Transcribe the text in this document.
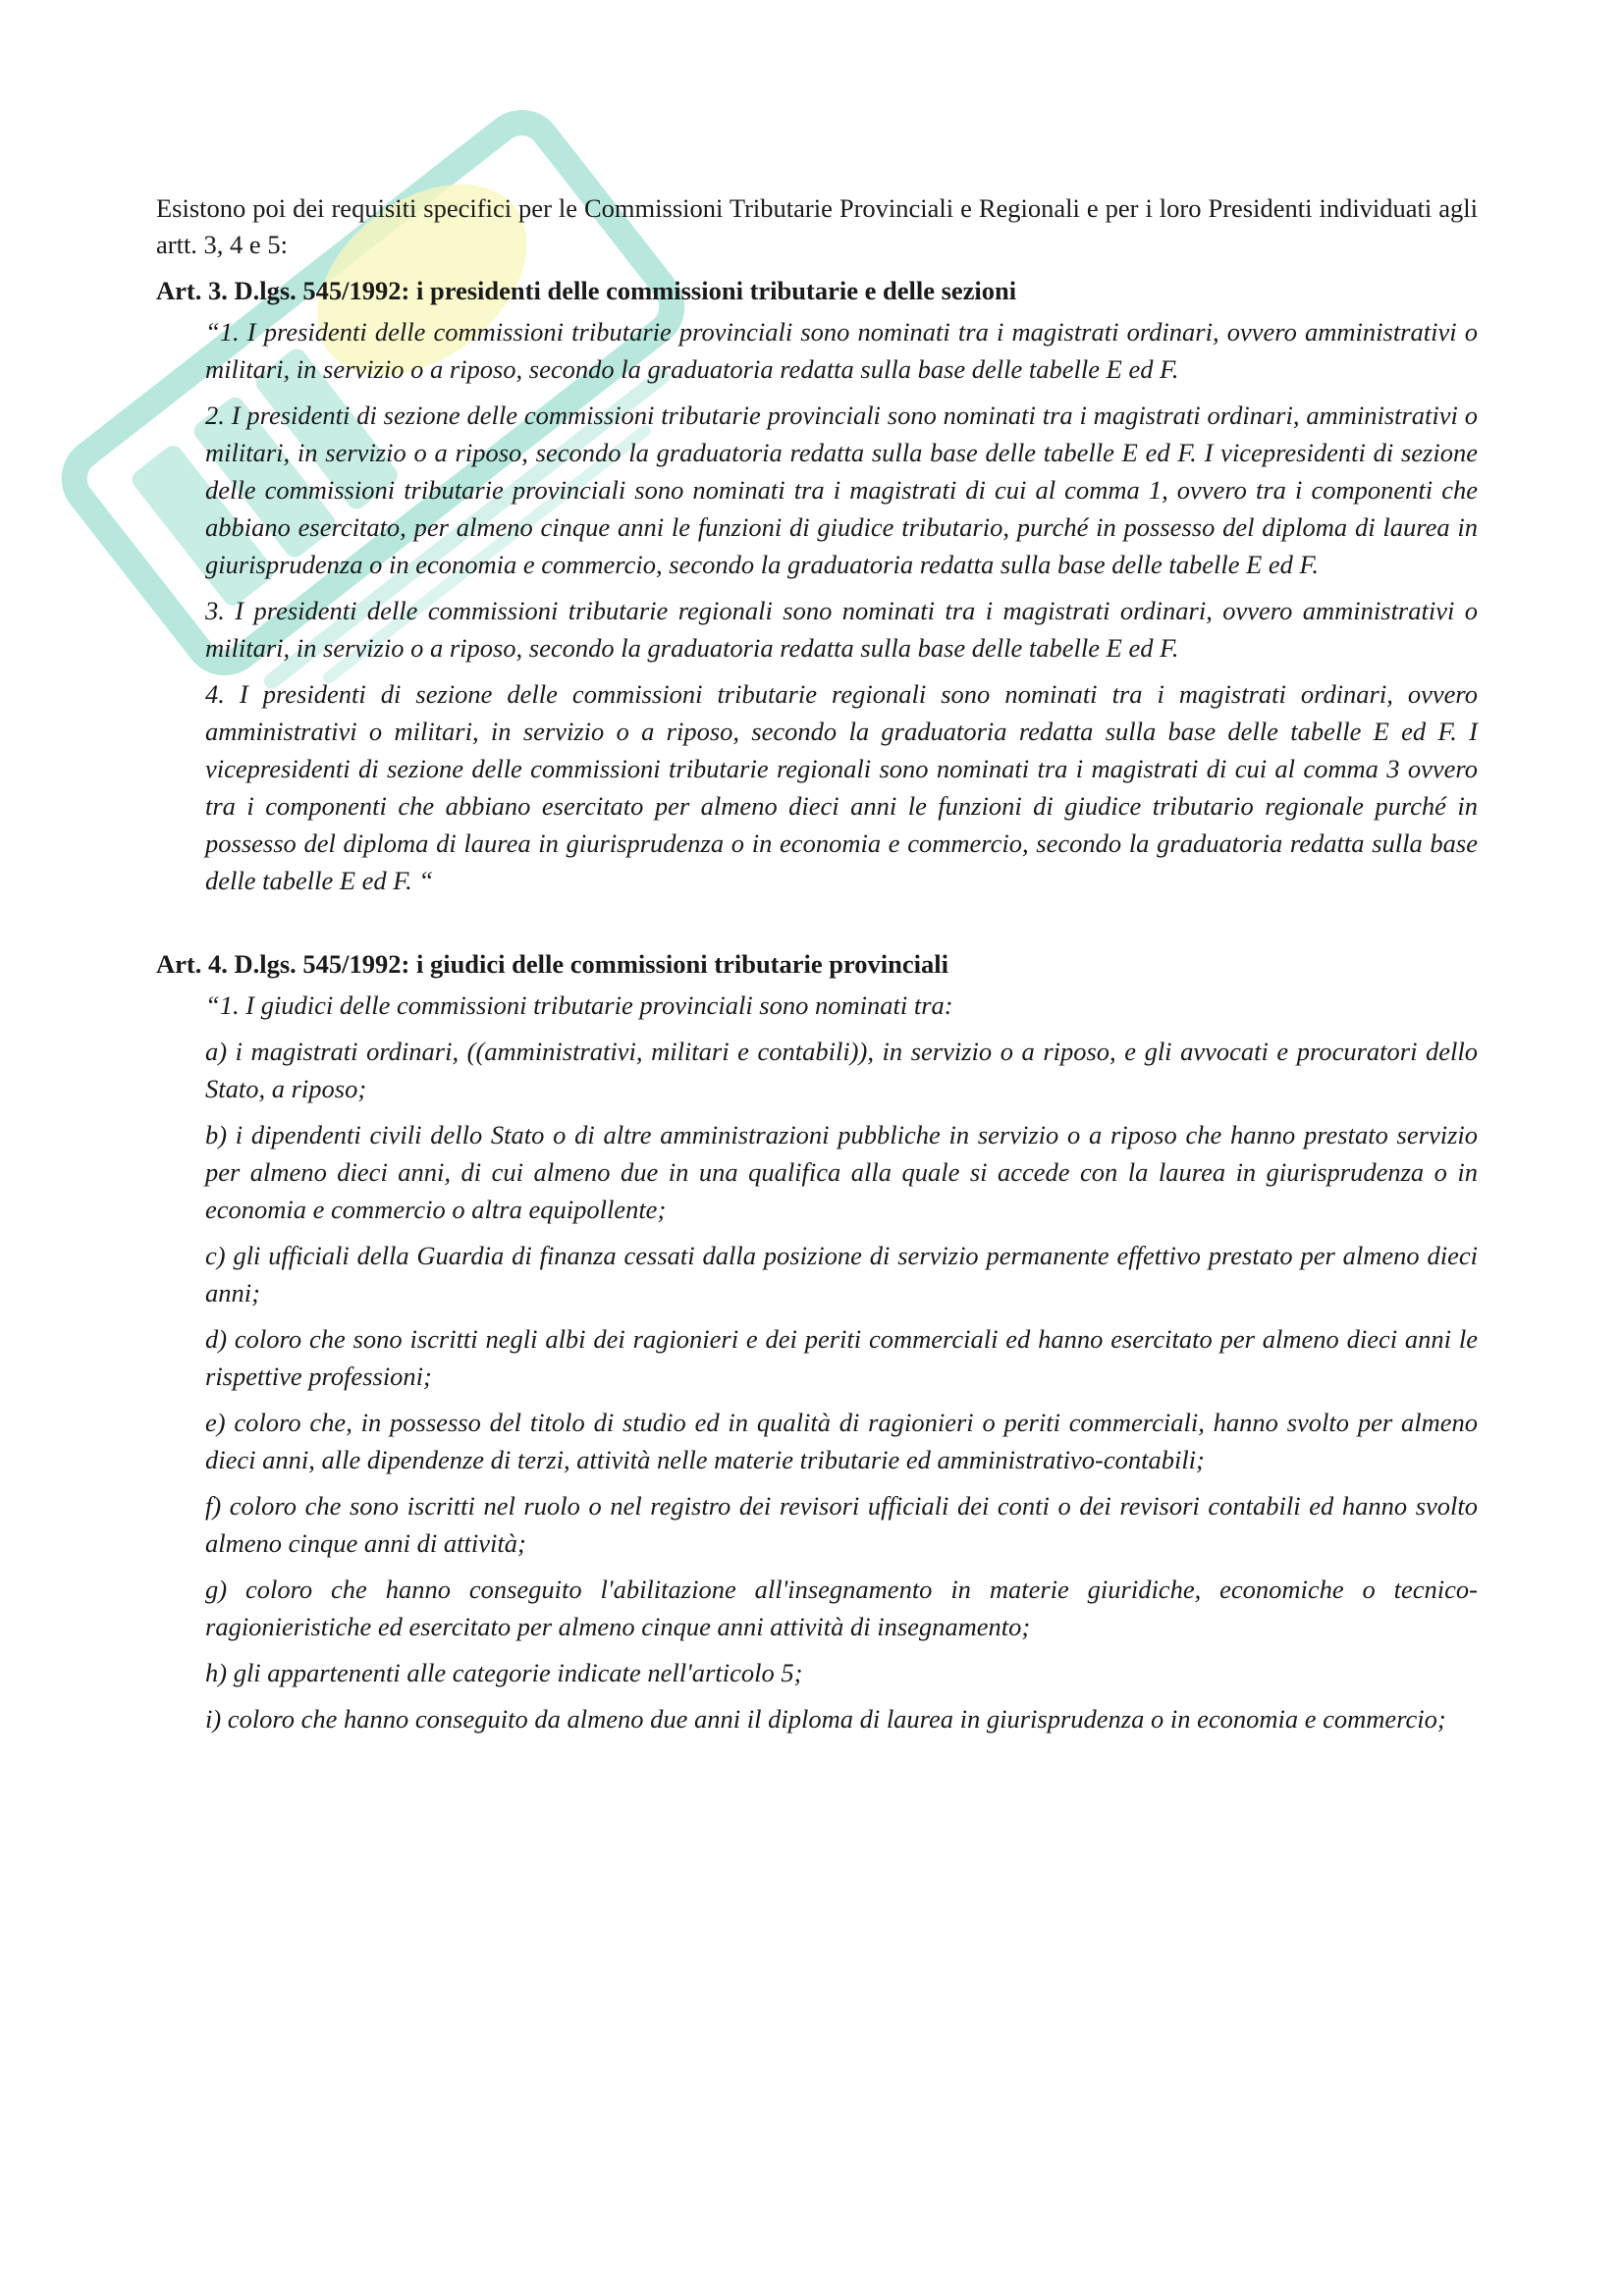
Esistono poi dei requisiti specifici per le Commissioni Tributarie Provinciali e Regionali e per i loro Presidenti individuati agli artt. 3, 4 e 5:

Art. 3. D.lgs. 545/1992: i presidenti delle commissioni tributarie e delle sezioni

“1. I presidenti delle commissioni tributarie provinciali sono nominati tra i magistrati ordinari, ovvero amministrativi o militari, in servizio o a riposo, secondo la graduatoria redatta sulla base delle tabelle E ed F.

2. I presidenti di sezione delle commissioni tributarie provinciali sono nominati tra i magistrati ordinari, amministrativi o militari, in servizio o a riposo, secondo la graduatoria redatta sulla base delle tabelle E ed F. I vicepresidenti di sezione delle commissioni tributarie provinciali sono nominati tra i magistrati di cui al comma 1, ovvero tra i componenti che abbiano esercitato, per almeno cinque anni le funzioni di giudice tributario, purché in possesso del diploma di laurea in giurisprudenza o in economia e commercio, secondo la graduatoria redatta sulla base delle tabelle E ed F.

3. I presidenti delle commissioni tributarie regionali sono nominati tra i magistrati ordinari, ovvero amministrativi o militari, in servizio o a riposo, secondo la graduatoria redatta sulla base delle tabelle E ed F.

4. I presidenti di sezione delle commissioni tributarie regionali sono nominati tra i magistrati ordinari, ovvero amministrativi o militari, in servizio o a riposo, secondo la graduatoria redatta sulla base delle tabelle E ed F. I vicepresidenti di sezione delle commissioni tributarie regionali sono nominati tra i magistrati di cui al comma 3 ovvero tra i componenti che abbiano esercitato per almeno dieci anni le funzioni di giudice tributario regionale purché in possesso del diploma di laurea in giurisprudenza o in economia e commercio, secondo la graduatoria redatta sulla base delle tabelle E ed F. “

Art. 4. D.lgs. 545/1992: i giudici delle commissioni tributarie provinciali

“1. I giudici delle commissioni tributarie provinciali sono nominati tra:

a) i magistrati ordinari, ((amministrativi, militari e contabili)), in servizio o a riposo, e gli avvocati e procuratori dello Stato, a riposo;

b) i dipendenti civili dello Stato o di altre amministrazioni pubbliche in servizio o a riposo che hanno prestato servizio per almeno dieci anni, di cui almeno due in una qualifica alla quale si accede con la laurea in giurisprudenza o in economia e commercio o altra equipollente;

c) gli ufficiali della Guardia di finanza cessati dalla posizione di servizio permanente effettivo prestato per almeno dieci anni;

d) coloro che sono iscritti negli albi dei ragionieri e dei periti commerciali ed hanno esercitato per almeno dieci anni le rispettive professioni;

e) coloro che, in possesso del titolo di studio ed in qualità di ragionieri o periti commerciali, hanno svolto per almeno dieci anni, alle dipendenze di terzi, attività nelle materie tributarie ed amministrativo-contabili;

f) coloro che sono iscritti nel ruolo o nel registro dei revisori ufficiali dei conti o dei revisori contabili ed hanno svolto almeno cinque anni di attività;

g) coloro che hanno conseguito l'abilitazione all'insegnamento in materie giuridiche, economiche o tecnico-ragionieristiche ed esercitato per almeno cinque anni attività di insegnamento;

h) gli appartenenti alle categorie indicate nell'articolo 5;

i) coloro che hanno conseguito da almeno due anni il diploma di laurea in giurisprudenza o in economia e commercio;
